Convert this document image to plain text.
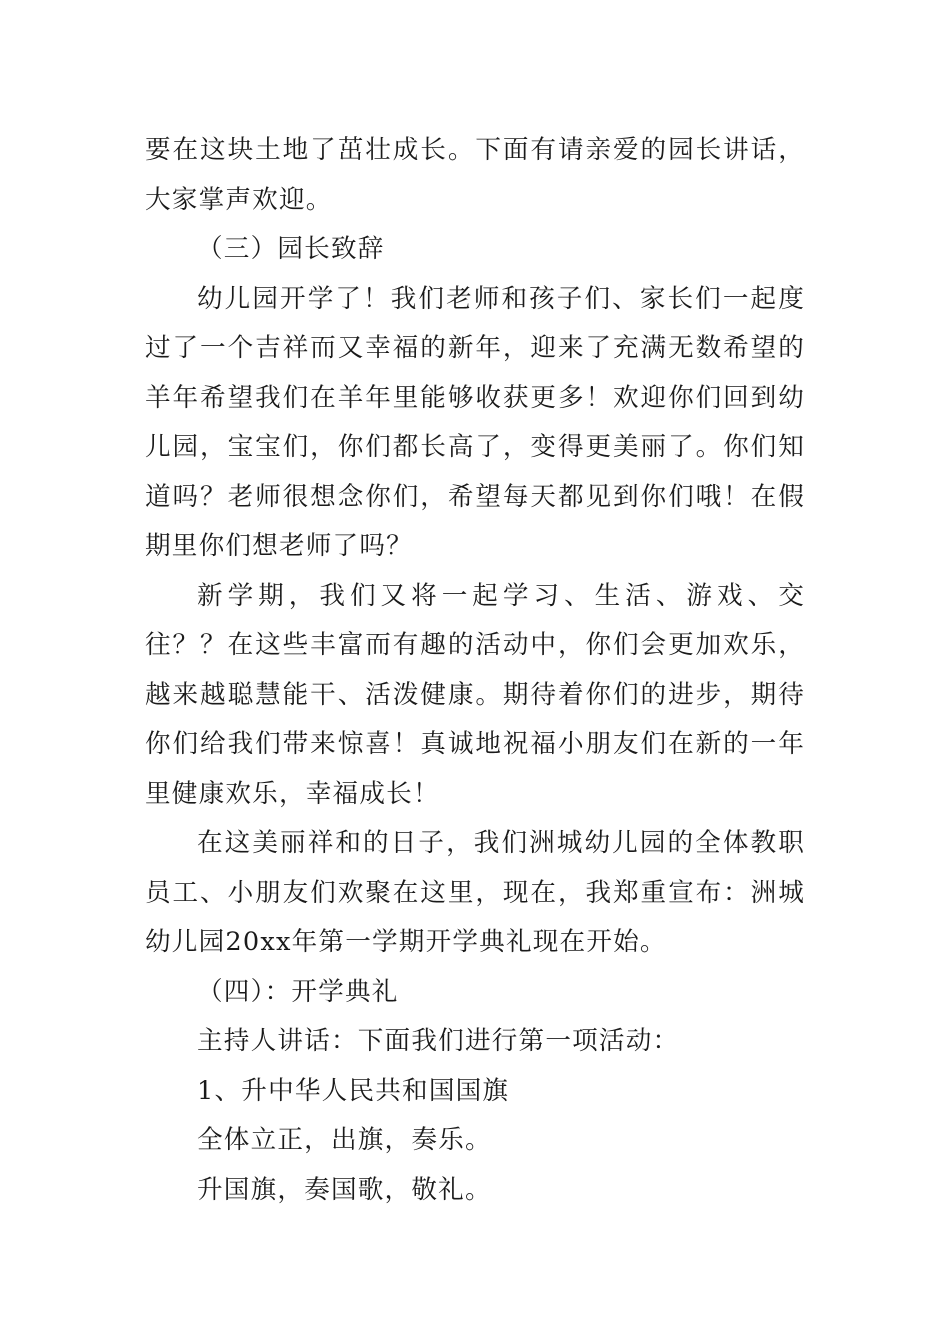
要在这块土地了茁壮成长。下面有请亲爱的园长讲话，大家掌声欢迎。

（三）园长致辞

幼儿园开学了！我们老师和孩子们、家长们一起度过了一个吉祥而又幸福的新年，迎来了充满无数希望的羊年希望我们在羊年里能够收获更多！欢迎你们回到幼儿园，宝宝们，你们都长高了，变得更美丽了。你们知道吗？老师很想念你们，希望每天都见到你们哦！在假期里你们想老师了吗？

新学期，我们又将一起学习、生活、游戏、交往？？在这些丰富而有趣的活动中，你们会更加欢乐，越来越聪慧能干、活泼健康。期待着你们的进步，期待你们给我们带来惊喜！真诚地祝福小朋友们在新的一年里健康欢乐，幸福成长！

在这美丽祥和的日子，我们洲城幼儿园的全体教职员工、小朋友们欢聚在这里，现在，我郑重宣布：洲城幼儿园20xx年第一学期开学典礼现在开始。

（四）：开学典礼

主持人讲话：下面我们进行第一项活动：

1、升中华人民共和国国旗

全体立正，出旗，奏乐。

升国旗，奏国歌，敬礼。
